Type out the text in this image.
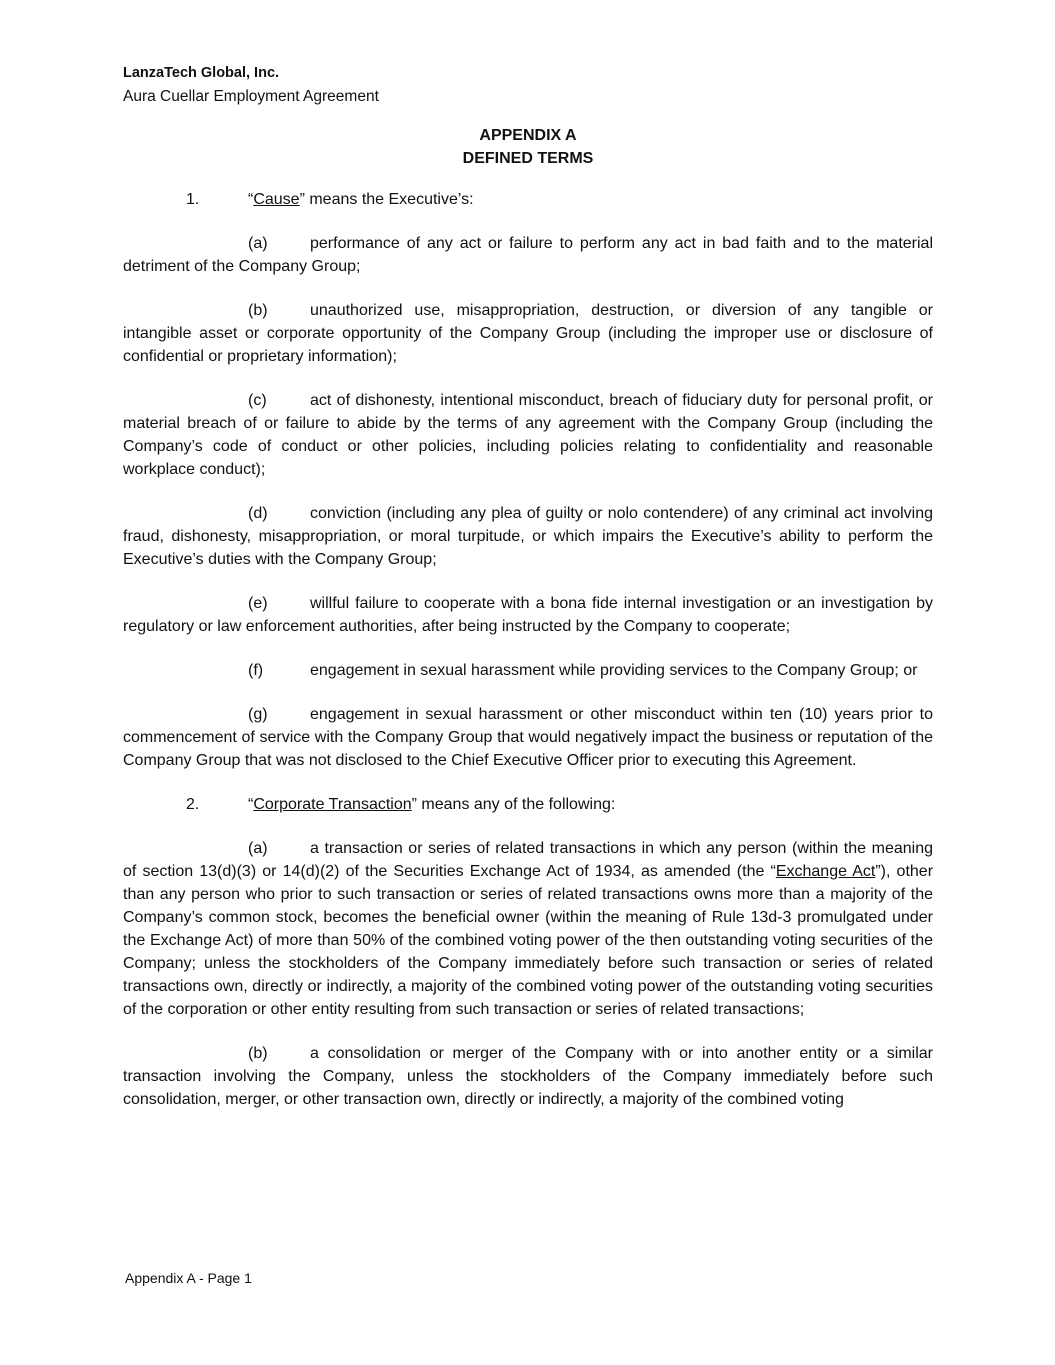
LanzaTech Global, Inc.
Aura Cuellar Employment Agreement
APPENDIX A
DEFINED TERMS
1.	“Cause” means the Executive’s:

(a)	performance of any act or failure to perform any act in bad faith and to the material detriment of the Company Group;

(b)	unauthorized use, misappropriation, destruction, or diversion of any tangible or intangible asset or corporate opportunity of the Company Group (including the improper use or disclosure of confidential or proprietary information);

(c)	act of dishonesty, intentional misconduct, breach of fiduciary duty for personal profit, or material breach of or failure to abide by the terms of any agreement with the Company Group (including the Company’s code of conduct or other policies, including policies relating to confidentiality and reasonable workplace conduct);

(d)	conviction (including any plea of guilty or nolo contendere) of any criminal act involving fraud, dishonesty, misappropriation, or moral turpitude, or which impairs the Executive’s ability to perform the Executive’s duties with the Company Group;

(e)	willful failure to cooperate with a bona fide internal investigation or an investigation by regulatory or law enforcement authorities, after being instructed by the Company to cooperate;

(f)	engagement in sexual harassment while providing services to the Company Group; or

(g)	engagement in sexual harassment or other misconduct within ten (10) years prior to commencement of service with the Company Group that would negatively impact the business or reputation of the Company Group that was not disclosed to the Chief Executive Officer prior to executing this Agreement.

2.	“Corporate Transaction” means any of the following:

(a)	a transaction or series of related transactions in which any person (within the meaning of section 13(d)(3) or 14(d)(2) of the Securities Exchange Act of 1934, as amended (the “Exchange Act”), other than any person who prior to such transaction or series of related transactions owns more than a majority of the Company’s common stock, becomes the beneficial owner (within the meaning of Rule 13d-3 promulgated under the Exchange Act) of more than 50% of the combined voting power of the then outstanding voting securities of the Company; unless the stockholders of the Company immediately before such transaction or series of related transactions own, directly or indirectly, a majority of the combined voting power of the outstanding voting securities of the corporation or other entity resulting from such transaction or series of related transactions;

(b)	a consolidation or merger of the Company with or into another entity or a similar transaction involving the Company, unless the stockholders of the Company immediately before such consolidation, merger, or other transaction own, directly or indirectly, a majority of the combined voting

Appendix A - Page 1
